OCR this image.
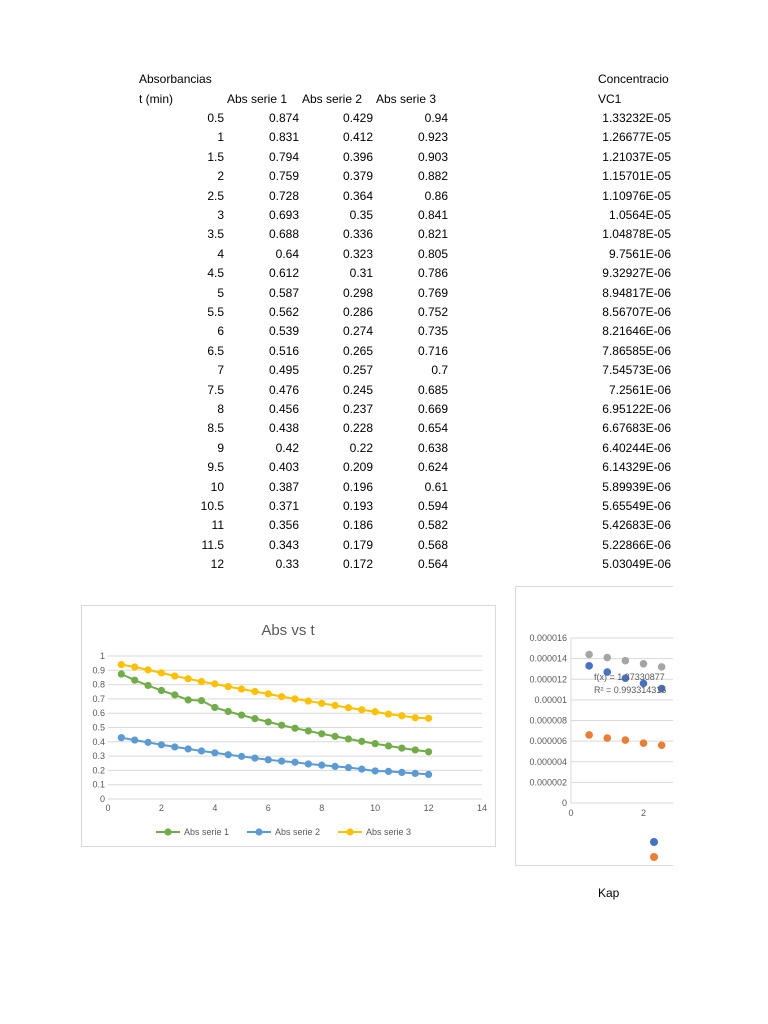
Absorbancias	Concentracio
t (min)	Abs serie 1 Abs serie 2 Abs serie 3	VC1
0.5	0.874	0.429	0.94	1.33232E-05
1	0.831	0.412	0.923	1.26677E-05
1.5	0.794	0.396	0.903	1.21037E-05
2	0.759	0.379	0.882	1.15701E-05
2.5	0.728	0.364	0.86	1.10976E-05
3	0.693	0.35	0.841	1.0564E-05
3.5	0.688	0.336	0.821	1.04878E-05
4	0.64	0.323	0.805	9.7561E-06
4.5	0.612	0.31	0.786	9.32927E-06
5	0.587	0.298	0.769	8.94817E-06
5.5	0.562	0.286	0.752	8.56707E-06
6	0.539	0.274	0.735	8.21646E-06
6.5	0.516	0.265	0.716	7.86585E-06
7	0.495	0.257	0.7	7.54573E-06
7.5	0.476	0.245	0.685	7.2561E-06
8	0.456	0.237	0.669	6.95122E-06
8.5	0.438	0.228	0.654	6.67683E-06
9	0.42	0.22	0.638	6.40244E-06
9.5	0.403	0.209	0.624	6.14329E-06
10	0.387	0.196	0.61	5.89939E-06
10.5	0.371	0.193	0.594	5.65549E-06
11	0.356	0.186	0.582	5.42683E-06
11.5	0.343	0.179	0.568	5.22866E-06
12	0.33	0.172	0.564	5.03049E-06
Kap
Abs vs t
0
0.1
0.2
0.3
0.4
0.5
0.6
0.7
0.8
0.9
1
0	2	4	6	8	10	12	14
Abs serie 1	Abs serie 2	Abs serie 3
0
0.000002
0.000004
0.000006
0.000008
0.00001
0.000012
0.000014
0.000016
0	2
f(x) = 1.37330877
R² = 0.993314315
